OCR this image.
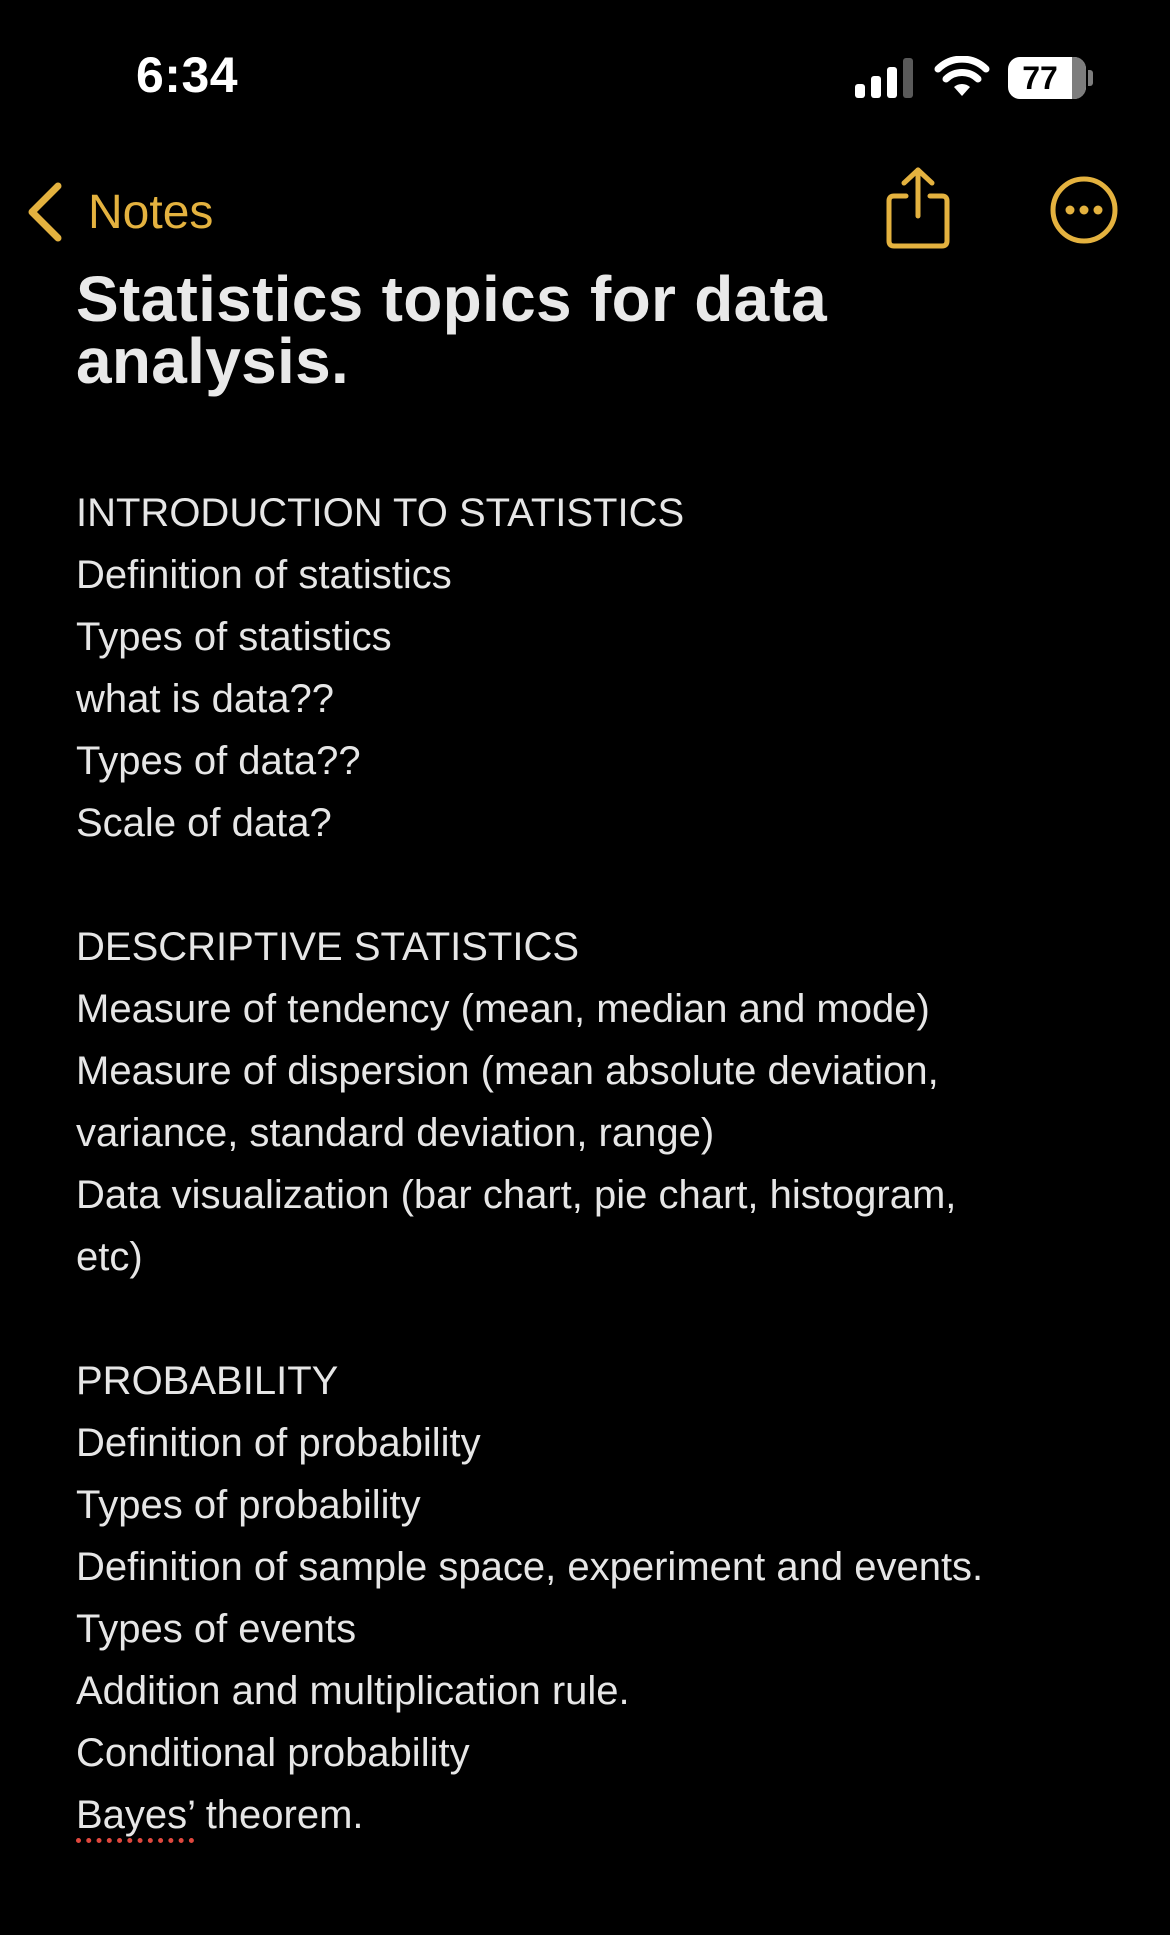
6:34	77
Notes
Statistics topics for data
analysis.
INTRODUCTION TO STATISTICS
Definition of statistics
Types of statistics
what is data??
Types of data??
Scale of data?
DESCRIPTIVE STATISTICS
Measure of tendency (mean, median and mode)
Measure of dispersion (mean absolute deviation,
variance, standard deviation, range)
Data visualization (bar chart, pie chart, histogram,
etc)
PROBABILITY
Definition of probability
Types of probability
Definition of sample space, experiment and events.
Types of events
Addition and multiplication rule.
Conditional probability
Bayes’ theorem.
